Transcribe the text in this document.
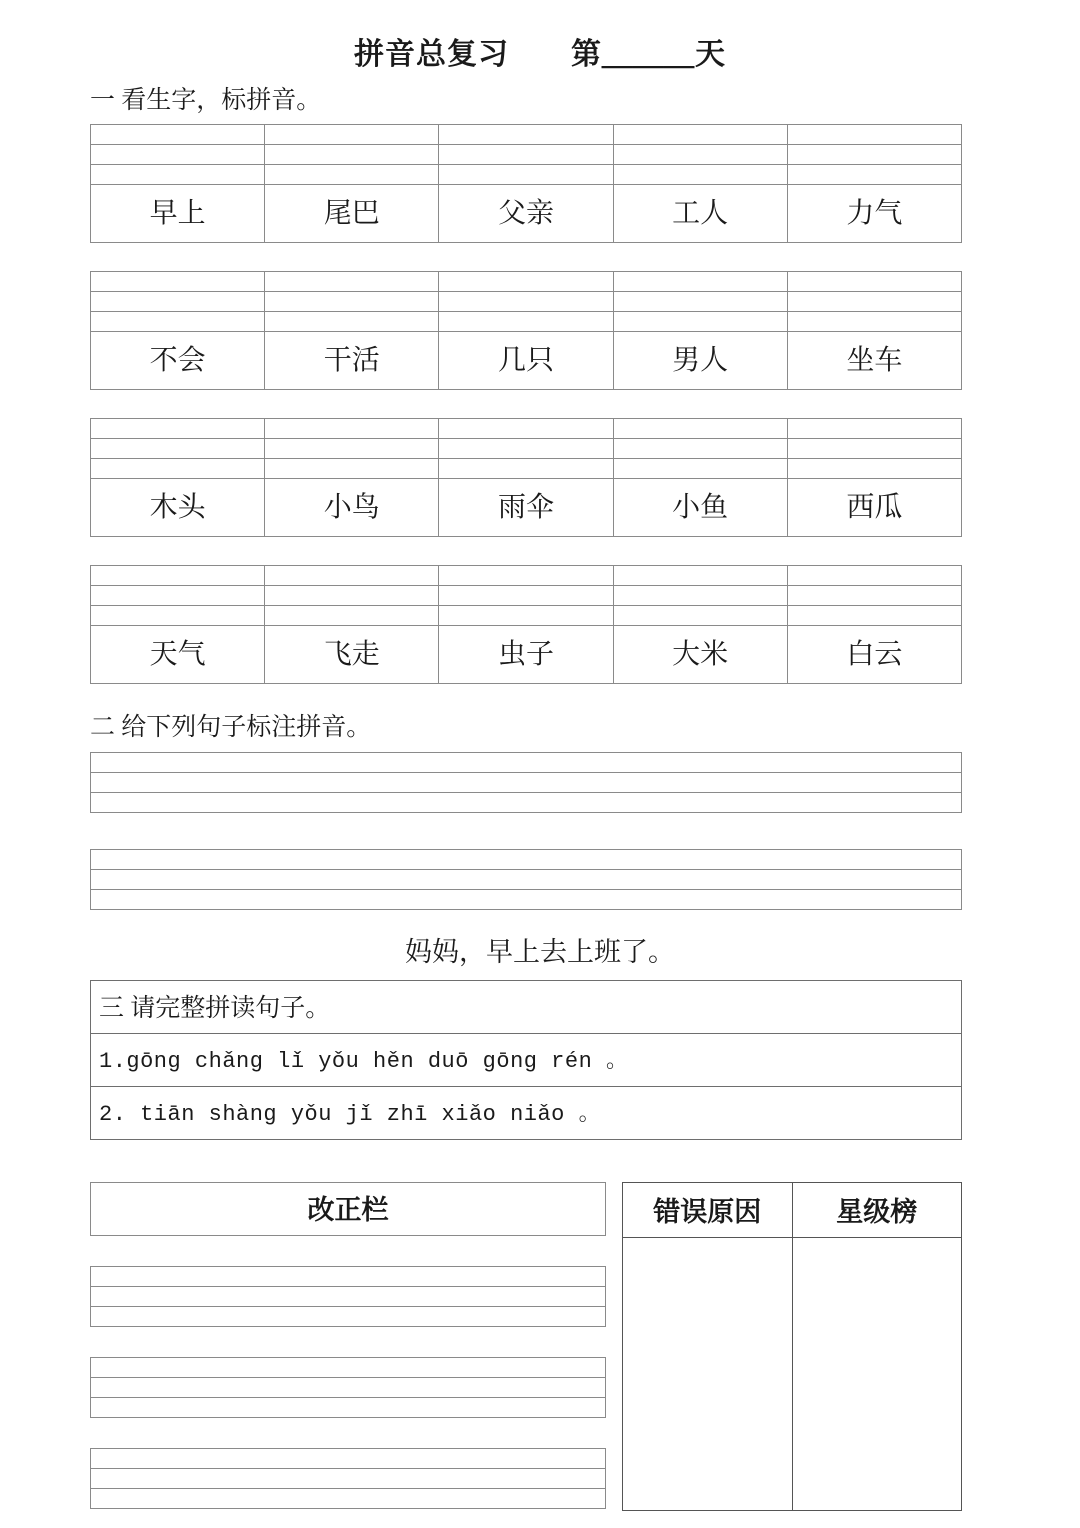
拼音总复习　　第＿＿＿天
一 看生字，标拼音。

早上	尾巴	父亲	工人	力气

不会	干活	几只	男人	坐车

木头	小鸟	雨伞	小鱼	西瓜

天气	飞走	虫子	大米	白云
二 给下列句子标注拼音。

妈妈，早上去上班了。
三 请完整拼读句子。
1.gōng chǎng lǐ yǒu hěn duō gōng rén 。
2. tiān shàng yǒu jǐ zhī xiǎo niǎo 。
改正栏	错误原因	星级榜
